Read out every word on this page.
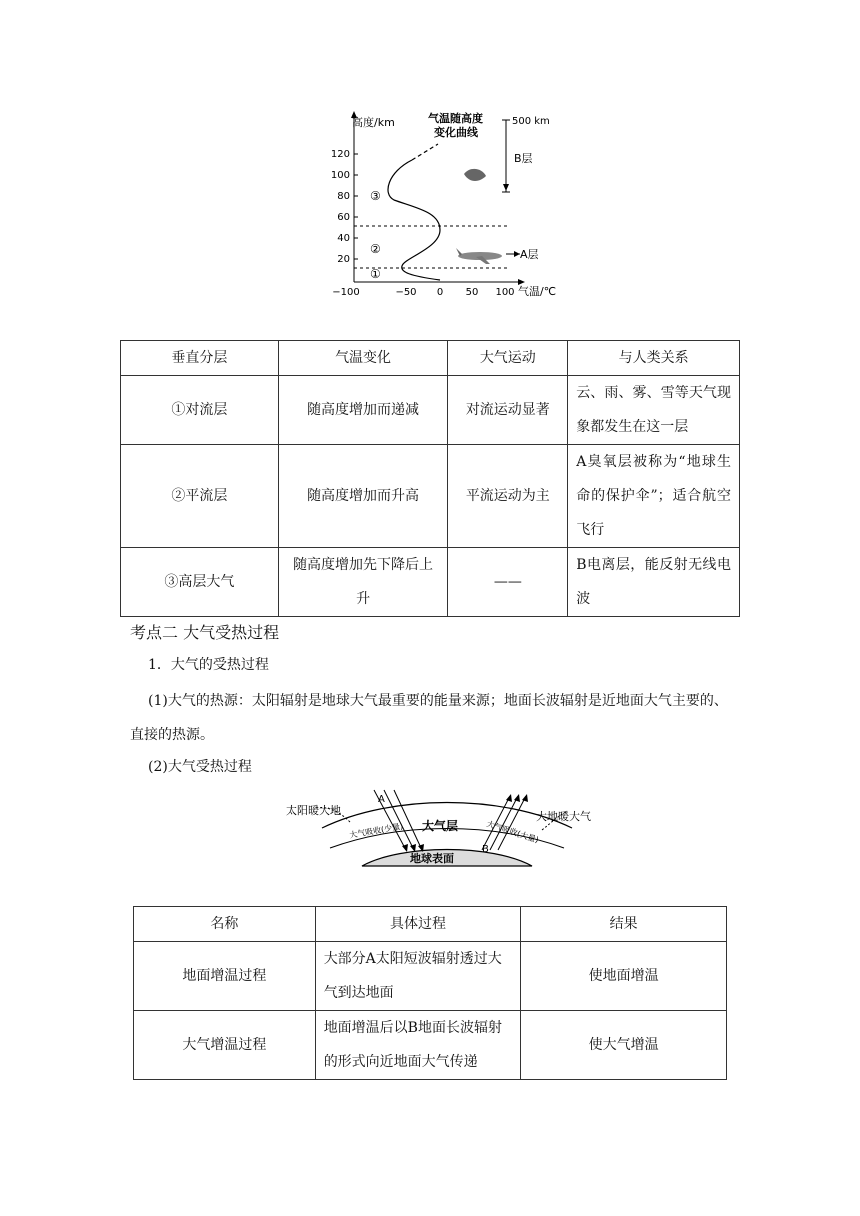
高度/km
气温/℃
120
100
80
60
40
20
−100	−50 0 50 100
气温随高度
变化曲线
③
②
①
500 km
B层
A层
垂直分层	气温变化	大气运动	与人类关系
①对流层	随高度增加而递减	对流运动显著	云、雨、雾、雪等天气现象都发生在这一层
②平流层	随高度增加而升高	平流运动为主	A臭氧层被称为“地球生命的保护伞”；适合航空飞行
③高层大气	随高度增加先下降后上升	——	B电离层，能反射无线电波
考点二 大气受热过程
1．大气的受热过程
(1)大气的热源：太阳辐射是地球大气最重要的能量来源；地面长波辐射是近地面大气主要的、直接的热源。
(2)大气受热过程
地球表面
大气层
太阳暖大地	大地暖大气
大气吸收(少量)	大气吸收(大量)
A
B
名称	具体过程	结果
地面增温过程	大部分A太阳短波辐射透过大气到达地面	使地面增温
大气增温过程	地面增温后以B地面长波辐射的形式向近地面大气传递	使大气增温
